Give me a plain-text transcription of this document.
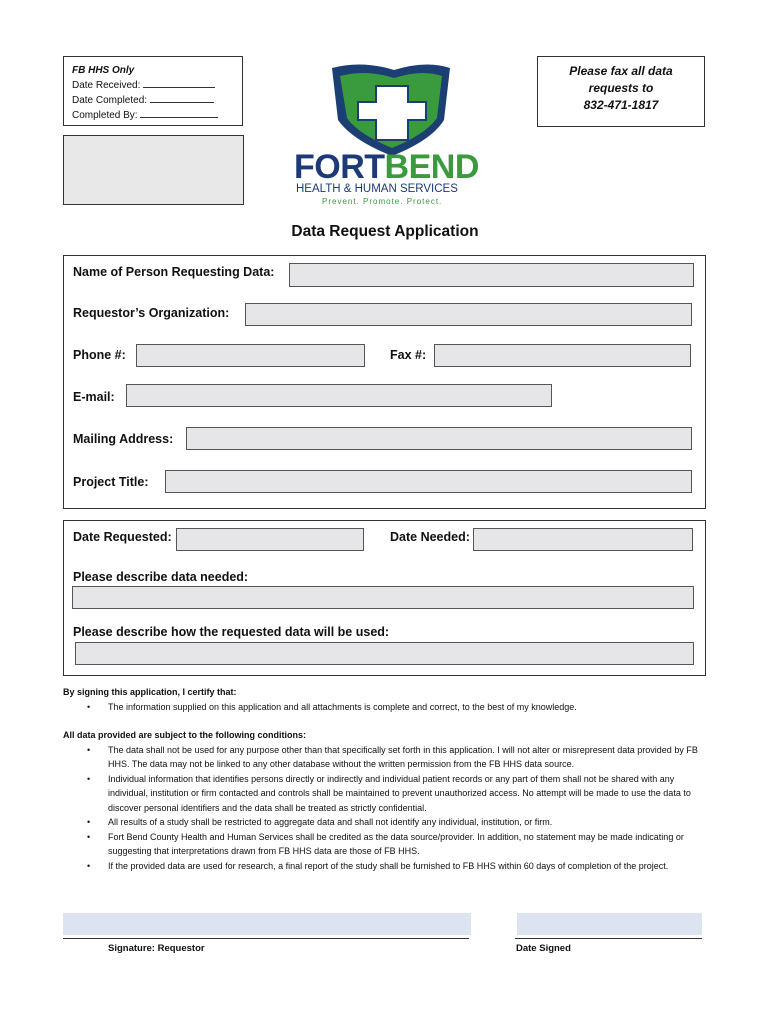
FB HHS Only
Date Received:
Date Completed:
Completed By:
Please fax all data
requests to
832-471-1817
FORTBEND
HEALTH & HUMAN SERVICES
Prevent. Promote. Protect.
Data Request Application
Name of Person Requesting Data:
Requestor’s Organization:
Phone #:	Fax #:
E-mail:
Mailing Address:
Project Title:
Date Requested:	Date Needed:
Please describe data needed:
Please describe how the requested data will be used:
By signing this application, I certify that:
• The information supplied on this application and all attachments is complete and correct, to the best of my knowledge.
All data provided are subject to the following conditions:
• The data shall not be used for any purpose other than that specifically set forth in this application. I will not alter or misrepresent data provided by FB HHS. The data may not be linked to any other database without the written permission from the FB HHS data source.
• Individual information that identifies persons directly or indirectly and individual patient records or any part of them shall not be shared with any individual, institution or firm contacted and controls shall be maintained to prevent unauthorized access. No attempt will be made to use the data to discover personal identifiers and the data shall be treated as strictly confidential.
• All results of a study shall be restricted to aggregate data and shall not identify any individual, institution, or firm.
• Fort Bend County Health and Human Services shall be credited as the data source/provider. In addition, no statement may be made indicating or suggesting that interpretations drawn from FB HHS data are those of FB HHS.
• If the provided data are used for research, a final report of the study shall be furnished to FB HHS within 60 days of completion of the project.
Signature: Requestor	Date Signed
